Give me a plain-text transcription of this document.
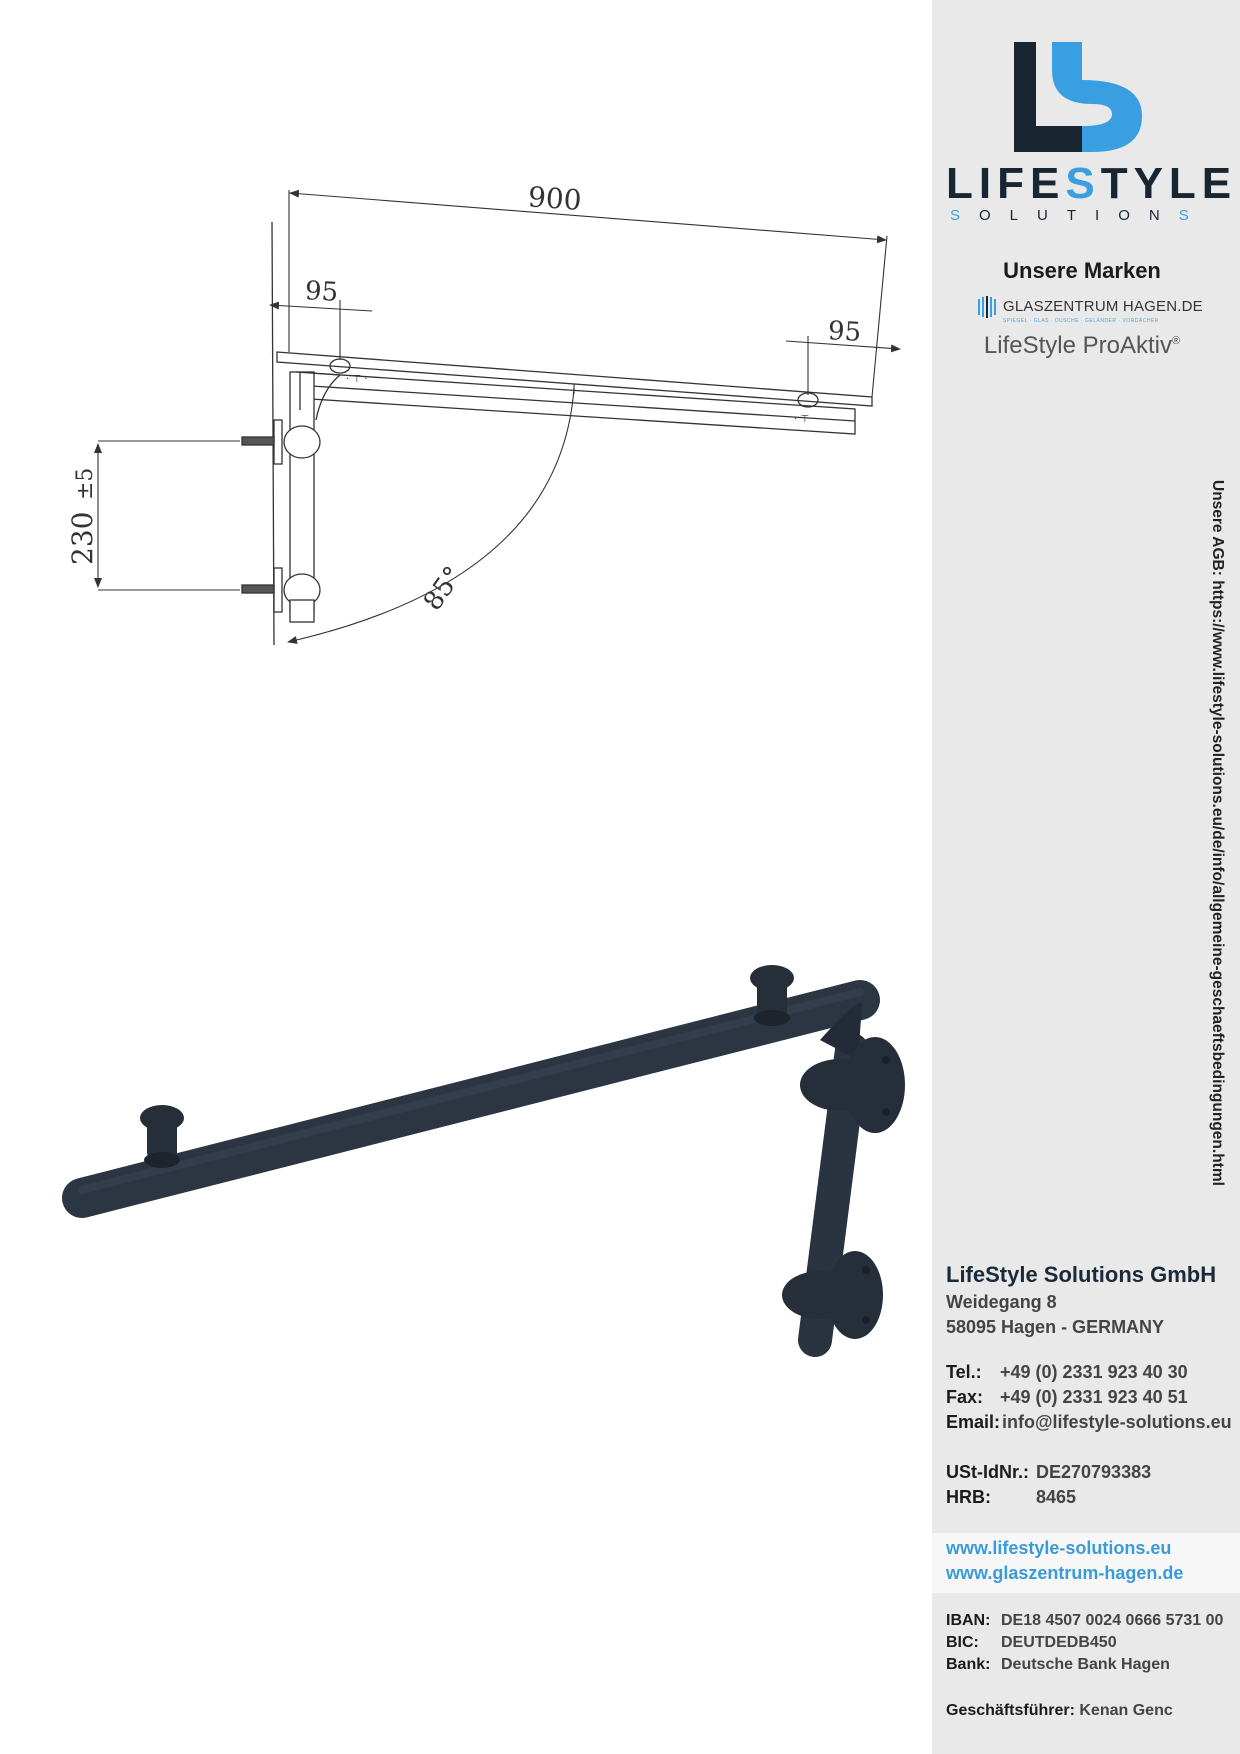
· ⊤ ·
· ⊤ ·
900
95
95
230
±5
85°
LIFESTYLE
SOLUTIONS
Unsere Marken
GLASZENTRUM HAGEN.DE
SPIEGEL · GLAS · DUSCHE · GELÄNDER · VORDÄCHER
LifeStyle ProAktiv®
LifeStyle Solutions GmbH
Weidegang 8
58095 Hagen - GERMANY
Tel.: +49 (0) 2331 923 40 30
Fax: +49 (0) 2331 923 40 51
Email: info@lifestyle-solutions.eu
USt-IdNr.: DE270793383
HRB:	8465
www.lifestyle-solutions.eu
www.glaszentrum-hagen.de
IBAN: DE18 4507 0024 0666 5731 00
BIC: DEUTDEDB450
Bank: Deutsche Bank Hagen
Geschäftsführer: Kenan Genc
Unsere AGB: https://www.lifestyle-solutions.eu/de/info/allgemeine-geschaeftsbedingungen.html
